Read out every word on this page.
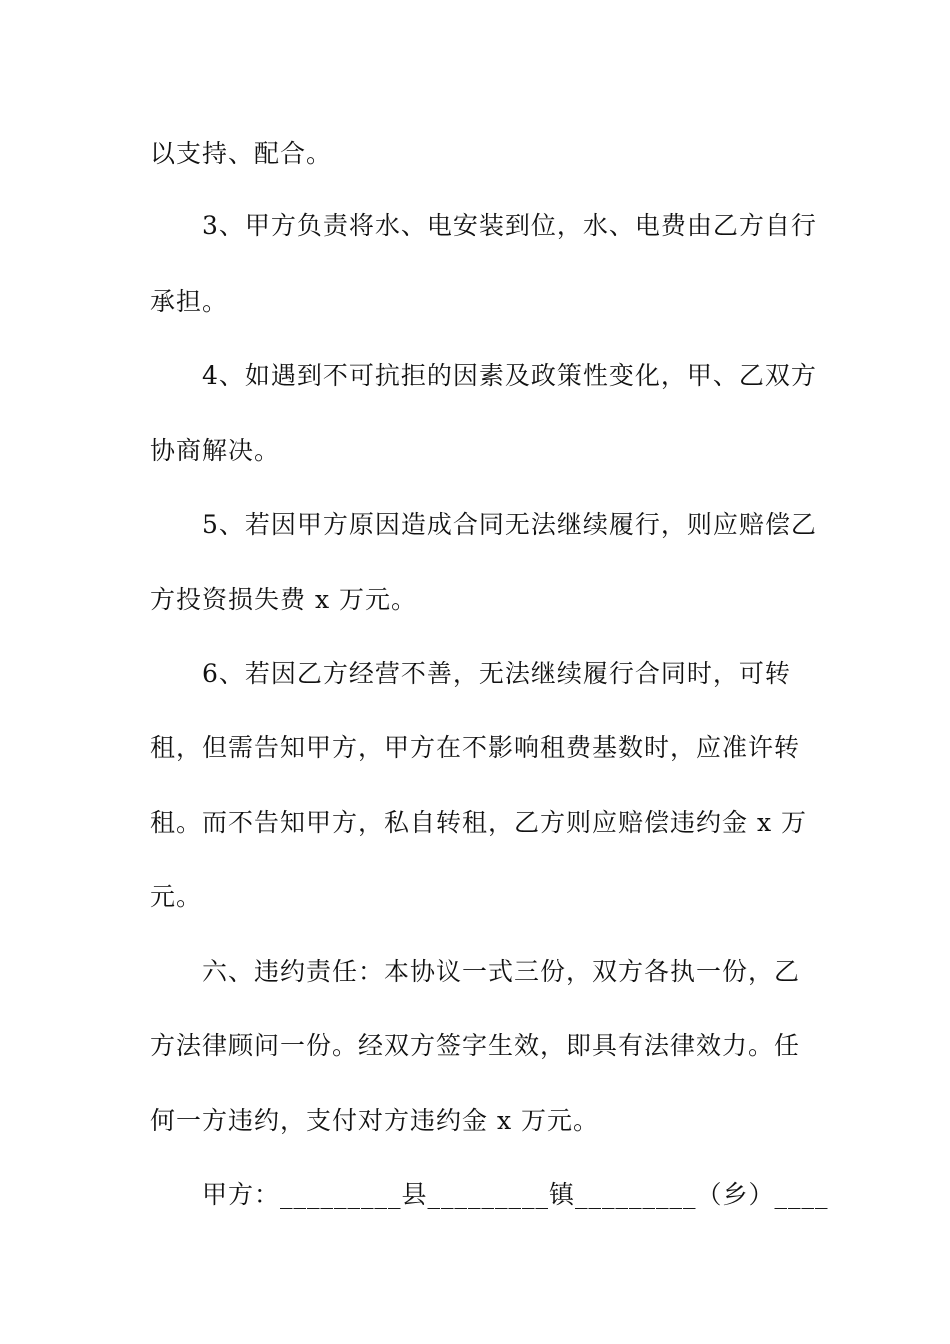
以支持、配合。
3、甲方负责将水、电安装到位，水、电费由乙方自行
承担。
4、如遇到不可抗拒的因素及政策性变化，甲、乙双方
协商解决。
5、若因甲方原因造成合同无法继续履行，则应赔偿乙
方投资损失费 x 万元。
6、若因乙方经营不善，无法继续履行合同时，可转
租，但需告知甲方，甲方在不影响租费基数时，应准许转
租。而不告知甲方，私自转租，乙方则应赔偿违约金 x 万
元。
六、违约责任：本协议一式三份，双方各执一份，乙
方法律顾问一份。经双方签字生效，即具有法律效力。任
何一方违约，支付对方违约金 x 万元。
甲方：_________县_________镇_________（乡）____
